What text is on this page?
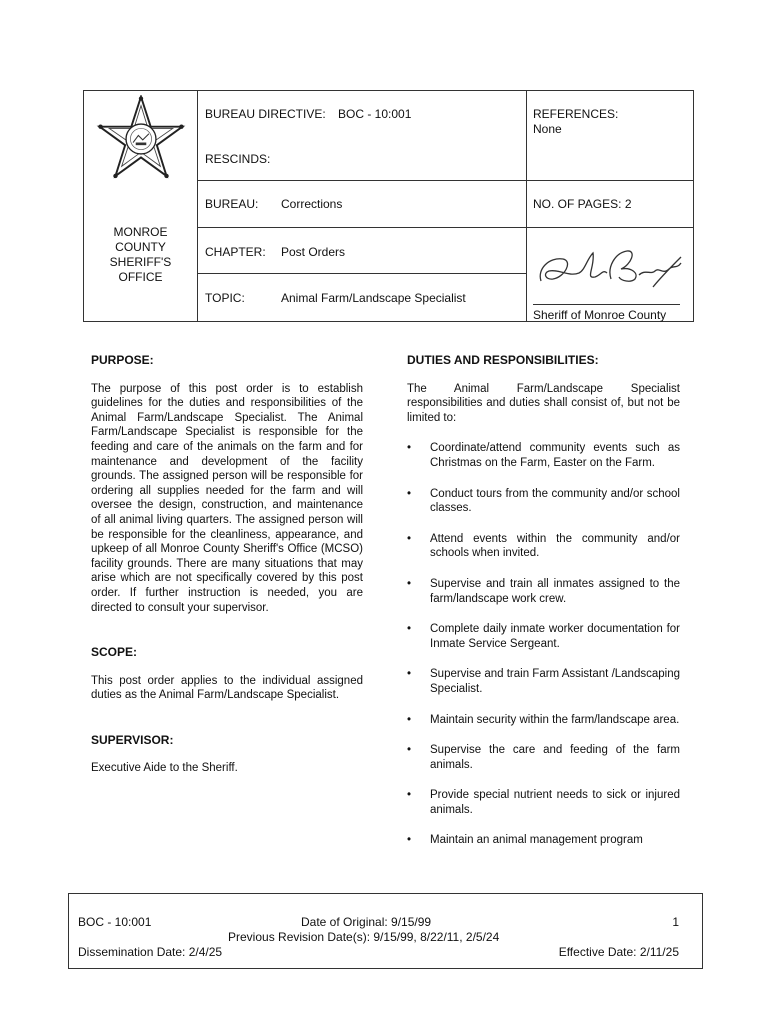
MONROE
COUNTY
SHERIFF'S
OFFICE
BUREAU DIRECTIVE: BOC - 10:001
RESCINDS:
BUREAU: Corrections
CHAPTER: Post Orders
TOPIC:	Animal Farm/Landscape Specialist
REFERENCES:
None
NO. OF PAGES: 2
Sheriff of Monroe County
PURPOSE:
The purpose of this post order is to establish guidelines for the duties and responsibilities of the Animal Farm/Landscape Specialist. The Animal Farm/Landscape Specialist is responsible for the feeding and care of the animals on the farm and for maintenance and development of the facility grounds. The assigned person will be responsible for ordering all supplies needed for the farm and will oversee the design, construction, and maintenance of all animal living quarters. The assigned person will be responsible for the cleanliness, appearance, and upkeep of all Monroe County Sheriff's Office (MCSO) facility grounds. There are many situations that may arise which are not specifically covered by this post order. If further instruction is needed, you are directed to consult your supervisor.
SCOPE:
This post order applies to the individual assigned duties as the Animal Farm/Landscape Specialist.
SUPERVISOR:
Executive Aide to the Sheriff.
DUTIES AND RESPONSIBILITIES:
The Animal Farm/Landscape Specialist responsibilities and duties shall consist of, but not be limited to:
• Coordinate/attend community events such as Christmas on the Farm, Easter on the Farm.
• Conduct tours from the community and/or school classes.
• Attend events within the community and/or schools when invited.
• Supervise and train all inmates assigned to the farm/landscape work crew.
• Complete daily inmate worker documentation for Inmate Service Sergeant.
• Supervise and train Farm Assistant /Landscaping Specialist.
• Maintain security within the farm/landscape area.
• Supervise the care and feeding of the farm animals.
• Provide special nutrient needs to sick or injured animals.
• Maintain an animal management program
BOC - 10:001	Date of Original: 9/15/99	1
Previous Revision Date(s): 9/15/99, 8/22/11, 2/5/24
Dissemination Date: 2/4/25	Effective Date: 2/11/25
